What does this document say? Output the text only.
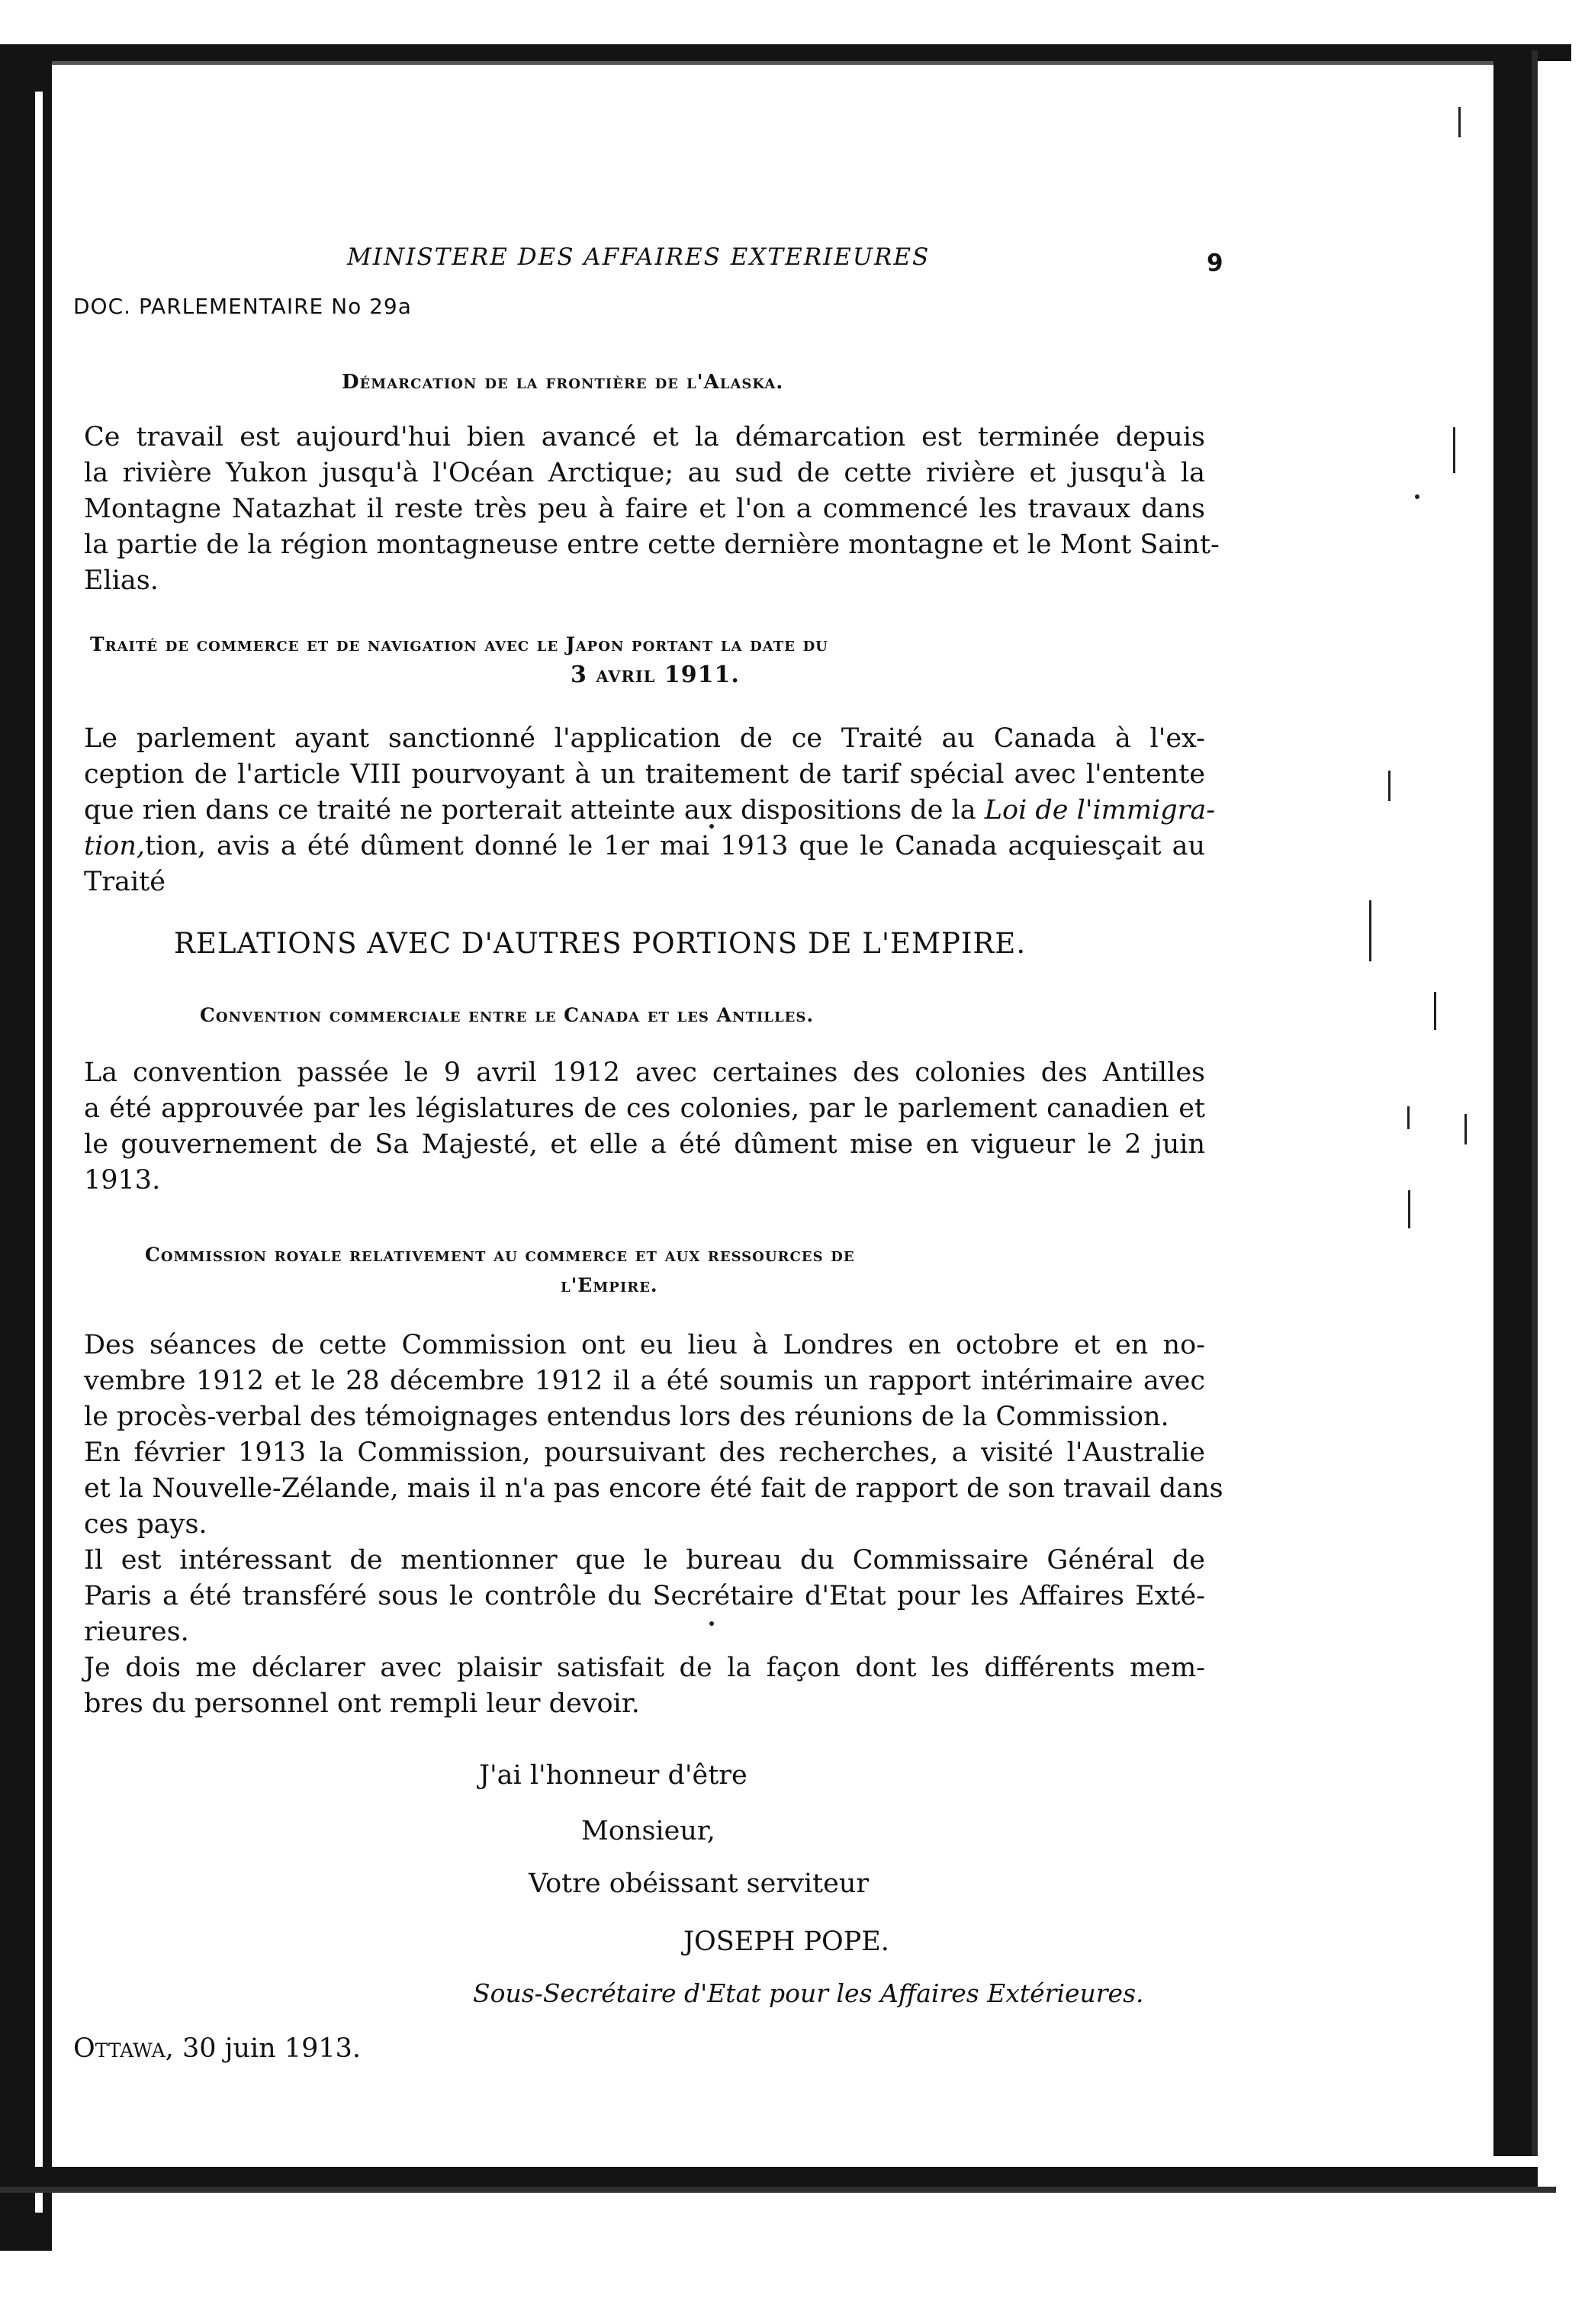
MINISTERE DES AFFAIRES EXTERIEURES	9
DOC. PARLEMENTAIRE No 29a
Démarcation de la frontière de l'Alaska.
Ce travail est aujourd'hui bien avancé et la démarcation est terminée depuis
la rivière Yukon jusqu'à l'Océan Arctique; au sud de cette rivière et jusqu'à la
Montagne Natazhat il reste très peu à faire et l'on a commencé les travaux dans
la partie de la région montagneuse entre cette dernière montagne et le Mont Saint-
Elias.
Traité de commerce et de navigation avec le Japon portant la date du
3 avril 1911.
Le parlement ayant sanctionné l'application de ce Traité au Canada à l'ex-
ception de l'article VIII pourvoyant à un traitement de tarif spécial avec l'entente
que rien dans ce traité ne porterait atteinte aux dispositions de la Loi de l'immigra-
tion,tion, avis a été dûment donné le 1er mai 1913 que le Canada acquiesçait au
Traité
RELATIONS AVEC D'AUTRES PORTIONS DE L'EMPIRE.
Convention commerciale entre le Canada et les Antilles.
La convention passée le 9 avril 1912 avec certaines des colonies des Antilles
a été approuvée par les législatures de ces colonies, par le parlement canadien et
le gouvernement de Sa Majesté, et elle a été dûment mise en vigueur le 2 juin
1913.
Commission royale relativement au commerce et aux ressources de
l'Empire.
Des séances de cette Commission ont eu lieu à Londres en octobre et en no-
vembre 1912 et le 28 décembre 1912 il a été soumis un rapport intérimaire avec
le procès-verbal des témoignages entendus lors des réunions de la Commission.
En février 1913 la Commission, poursuivant des recherches, a visité l'Australie
et la Nouvelle-Zélande, mais il n'a pas encore été fait de rapport de son travail dans
ces pays.
Il est intéressant de mentionner que le bureau du Commissaire Général de
Paris a été transféré sous le contrôle du Secrétaire d'Etat pour les Affaires Exté-
rieures.
Je dois me déclarer avec plaisir satisfait de la façon dont les différents mem-
bres du personnel ont rempli leur devoir.
J'ai l'honneur d'être
Monsieur,
Votre obéissant serviteur
JOSEPH POPE.
Sous-Secrétaire d'Etat pour les Affaires Extérieures.
Ottawa, 30 juin 1913.
